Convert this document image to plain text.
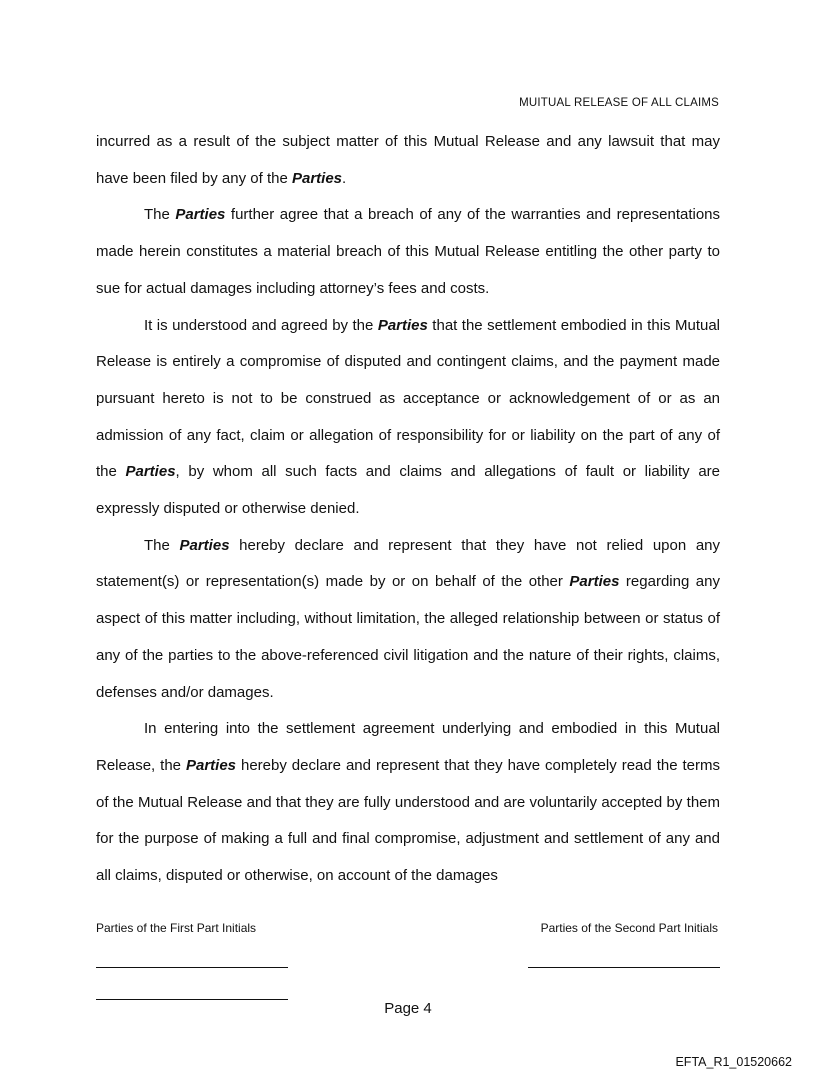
MUITUAL RELEASE OF ALL CLAIMS

incurred as a result of the subject matter of this Mutual Release and any lawsuit that may have been filed by any of the Parties.

The Parties further agree that a breach of any of the warranties and representations made herein constitutes a material breach of this Mutual Release entitling the other party to sue for actual damages including attorney’s fees and costs.

It is understood and agreed by the Parties that the settlement embodied in this Mutual Release is entirely a compromise of disputed and contingent claims, and the payment made pursuant hereto is not to be construed as acceptance or acknowledgement of or as an admission of any fact, claim or allegation of responsibility for or liability on the part of any of the Parties, by whom all such facts and claims and allegations of fault or liability are expressly disputed or otherwise denied.

The Parties hereby declare and represent that they have not relied upon any statement(s) or representation(s) made by or on behalf of the other Parties regarding any aspect of this matter including, without limitation, the alleged relationship between or status of any of the parties to the above-referenced civil litigation and the nature of their rights, claims, defenses and/or damages.

In entering into the settlement agreement underlying and embodied in this Mutual Release, the Parties hereby declare and represent that they have completely read the terms of the Mutual Release and that they are fully understood and are voluntarily accepted by them for the purpose of making a full and final compromise, adjustment and settlement of any and all claims, disputed or otherwise, on account of the damages

Parties of the First Part Initials	Parties of the Second Part Initials
Page 4
EFTA_R1_01520662
